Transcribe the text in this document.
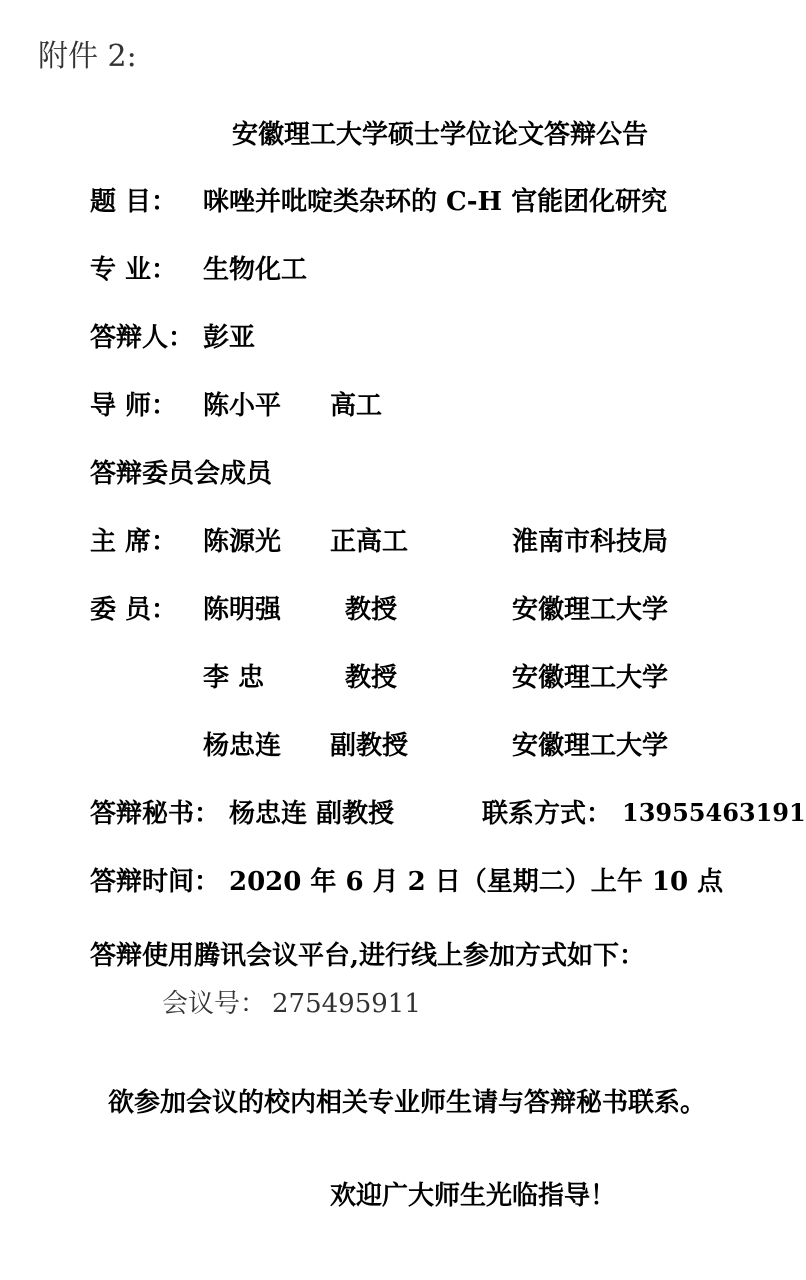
附件 2:
安徽理工大学硕士学位论文答辩公告
题 目： 咪唑并吡啶类杂环的 C-H 官能团化研究
专 业： 生物化工
答辩人： 彭亚
导 师： 陈小平 高工
答辩委员会成员
主 席： 陈源光 正高工	淮南市科技局
委 员： 陈明强 教授	安徽理工大学
李 忠	教授	安徽理工大学
杨忠连 副教授	安徽理工大学
答辩秘书： 杨忠连 副教授	联系方式： 13955463191
答辩时间： 2020 年 6 月 2 日（星期二）上午 10 点
答辩使用腾讯会议平台,进行线上参加方式如下：
会议号： 275495911
欲参加会议的校内相关专业师生请与答辩秘书联系。
欢迎广大师生光临指导！
